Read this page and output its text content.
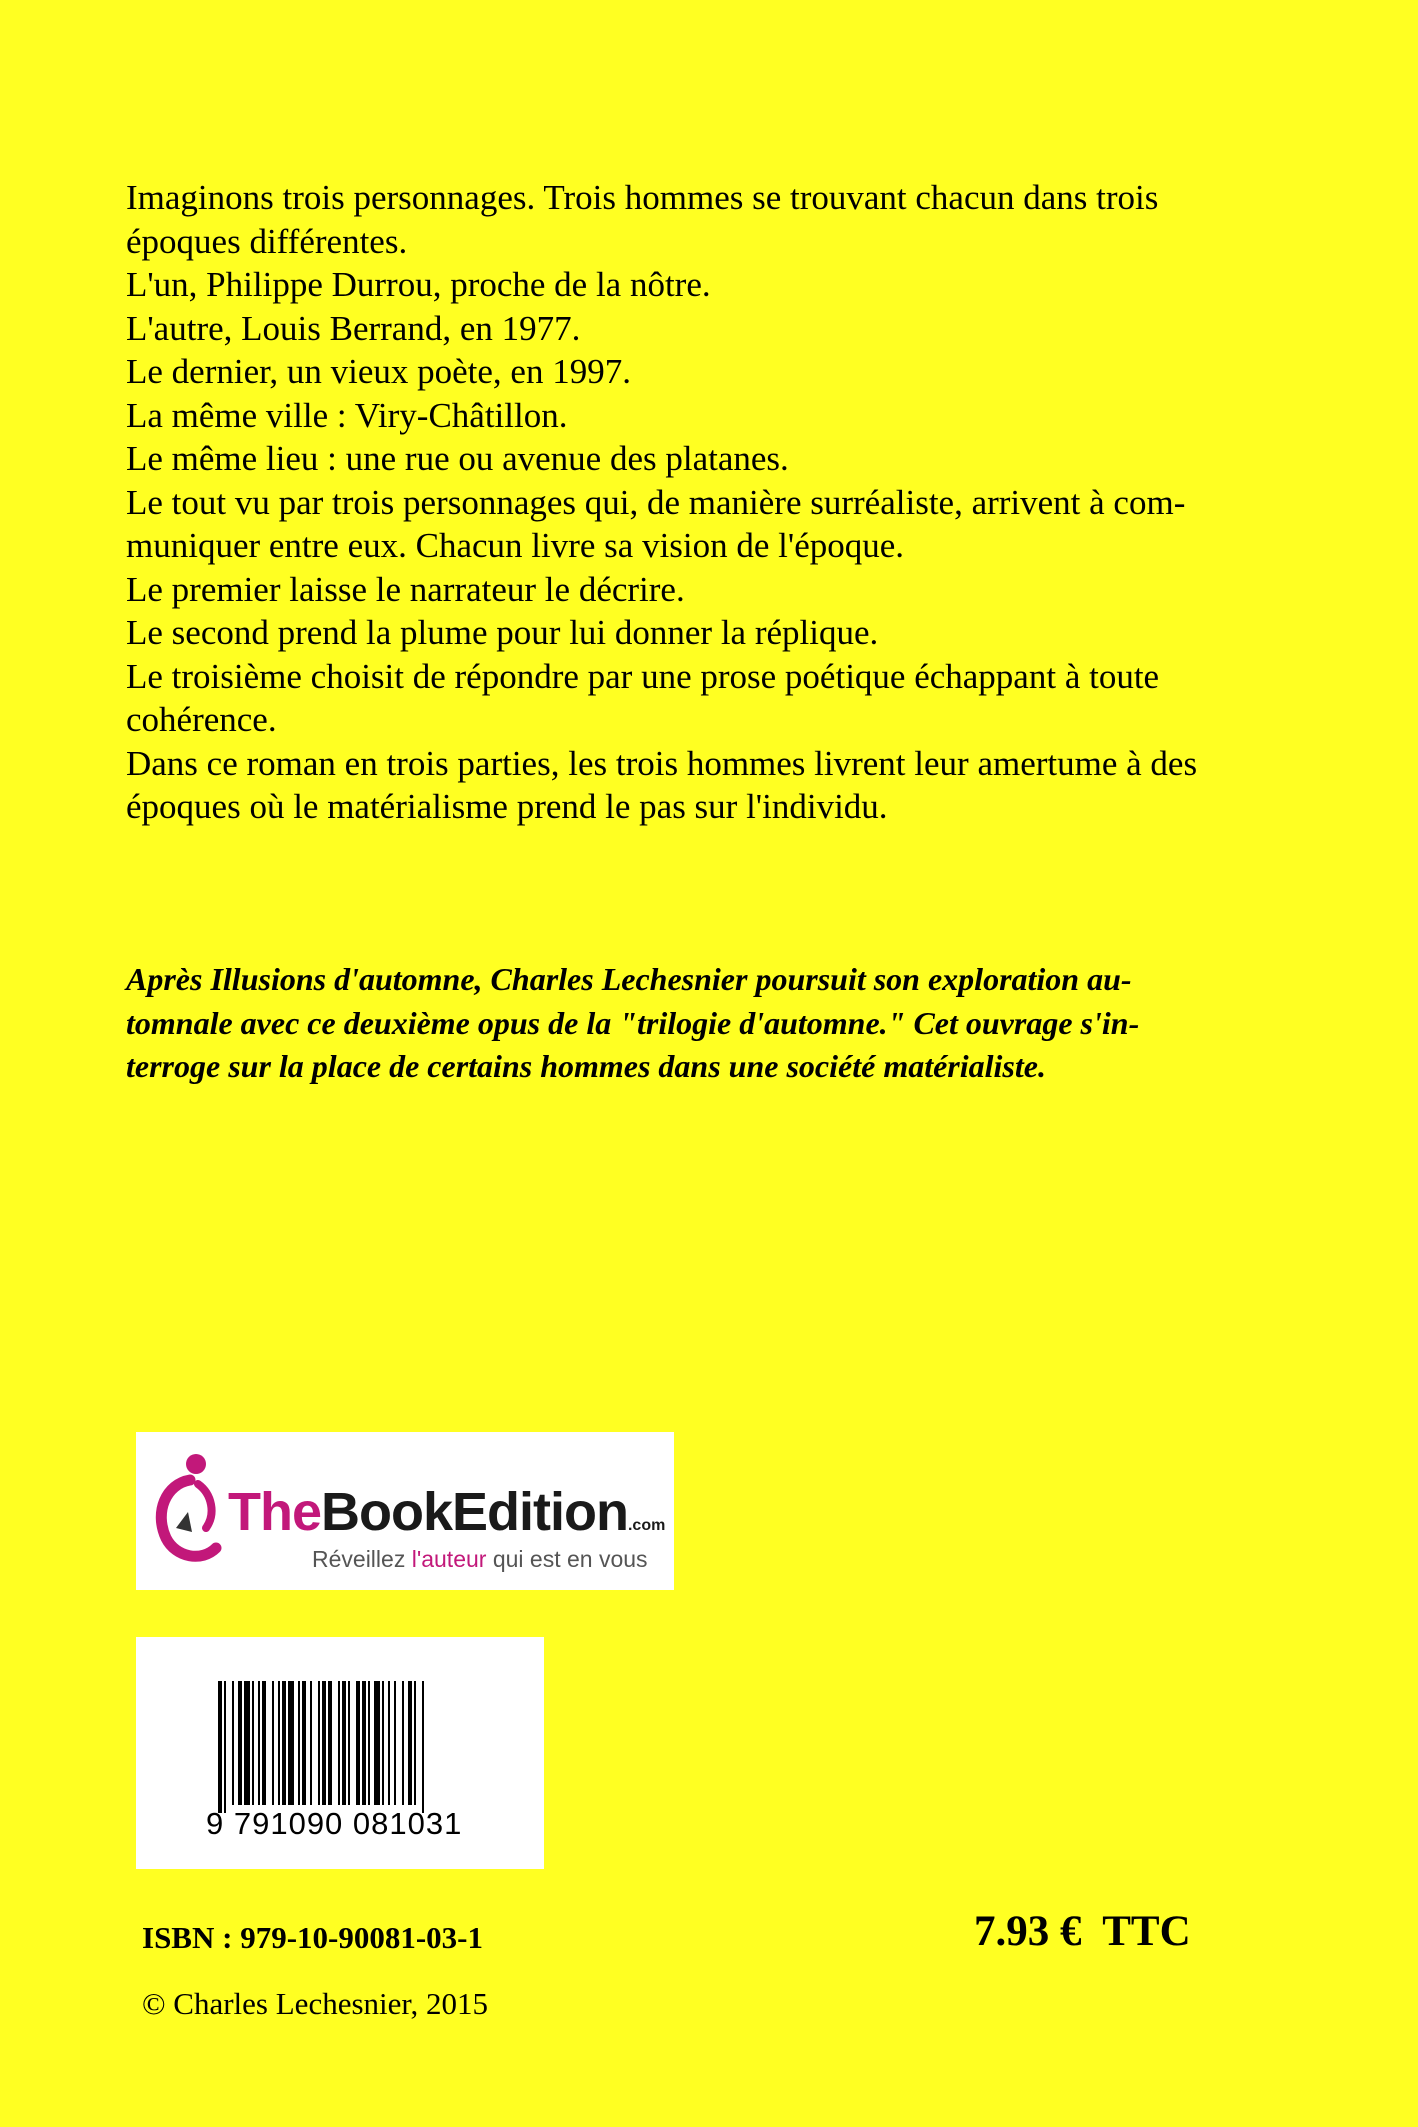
Imaginons trois personnages. Trois hommes se trouvant chacun dans trois
époques différentes.
L'un, Philippe Durrou, proche de la nôtre.
L'autre, Louis Berrand, en 1977.
Le dernier, un vieux poète, en 1997.
La même ville : Viry-Châtillon.
Le même lieu : une rue ou avenue des platanes.
Le tout vu par trois personnages qui, de manière surréaliste, arrivent à com-
muniquer entre eux. Chacun livre sa vision de l'époque.
Le premier laisse le narrateur le décrire.
Le second prend la plume pour lui donner la réplique.
Le troisième choisit de répondre par une prose poétique échappant à toute
cohérence.
Dans ce roman en trois parties, les trois hommes livrent leur amertume à des
époques où le matérialisme prend le pas sur l'individu.
Après Illusions d'automne, Charles Lechesnier poursuit son exploration au-
tomnale avec ce deuxième opus de la "trilogie d'automne." Cet ouvrage s'in-
terroge sur la place de certains hommes dans une société matérialiste.
TheBookEdition.com
Réveillez l'auteur qui est en vous
9 791090 081031
ISBN : 979-10-90081-03-1	7.93 €  TTC
© Charles Lechesnier, 2015
